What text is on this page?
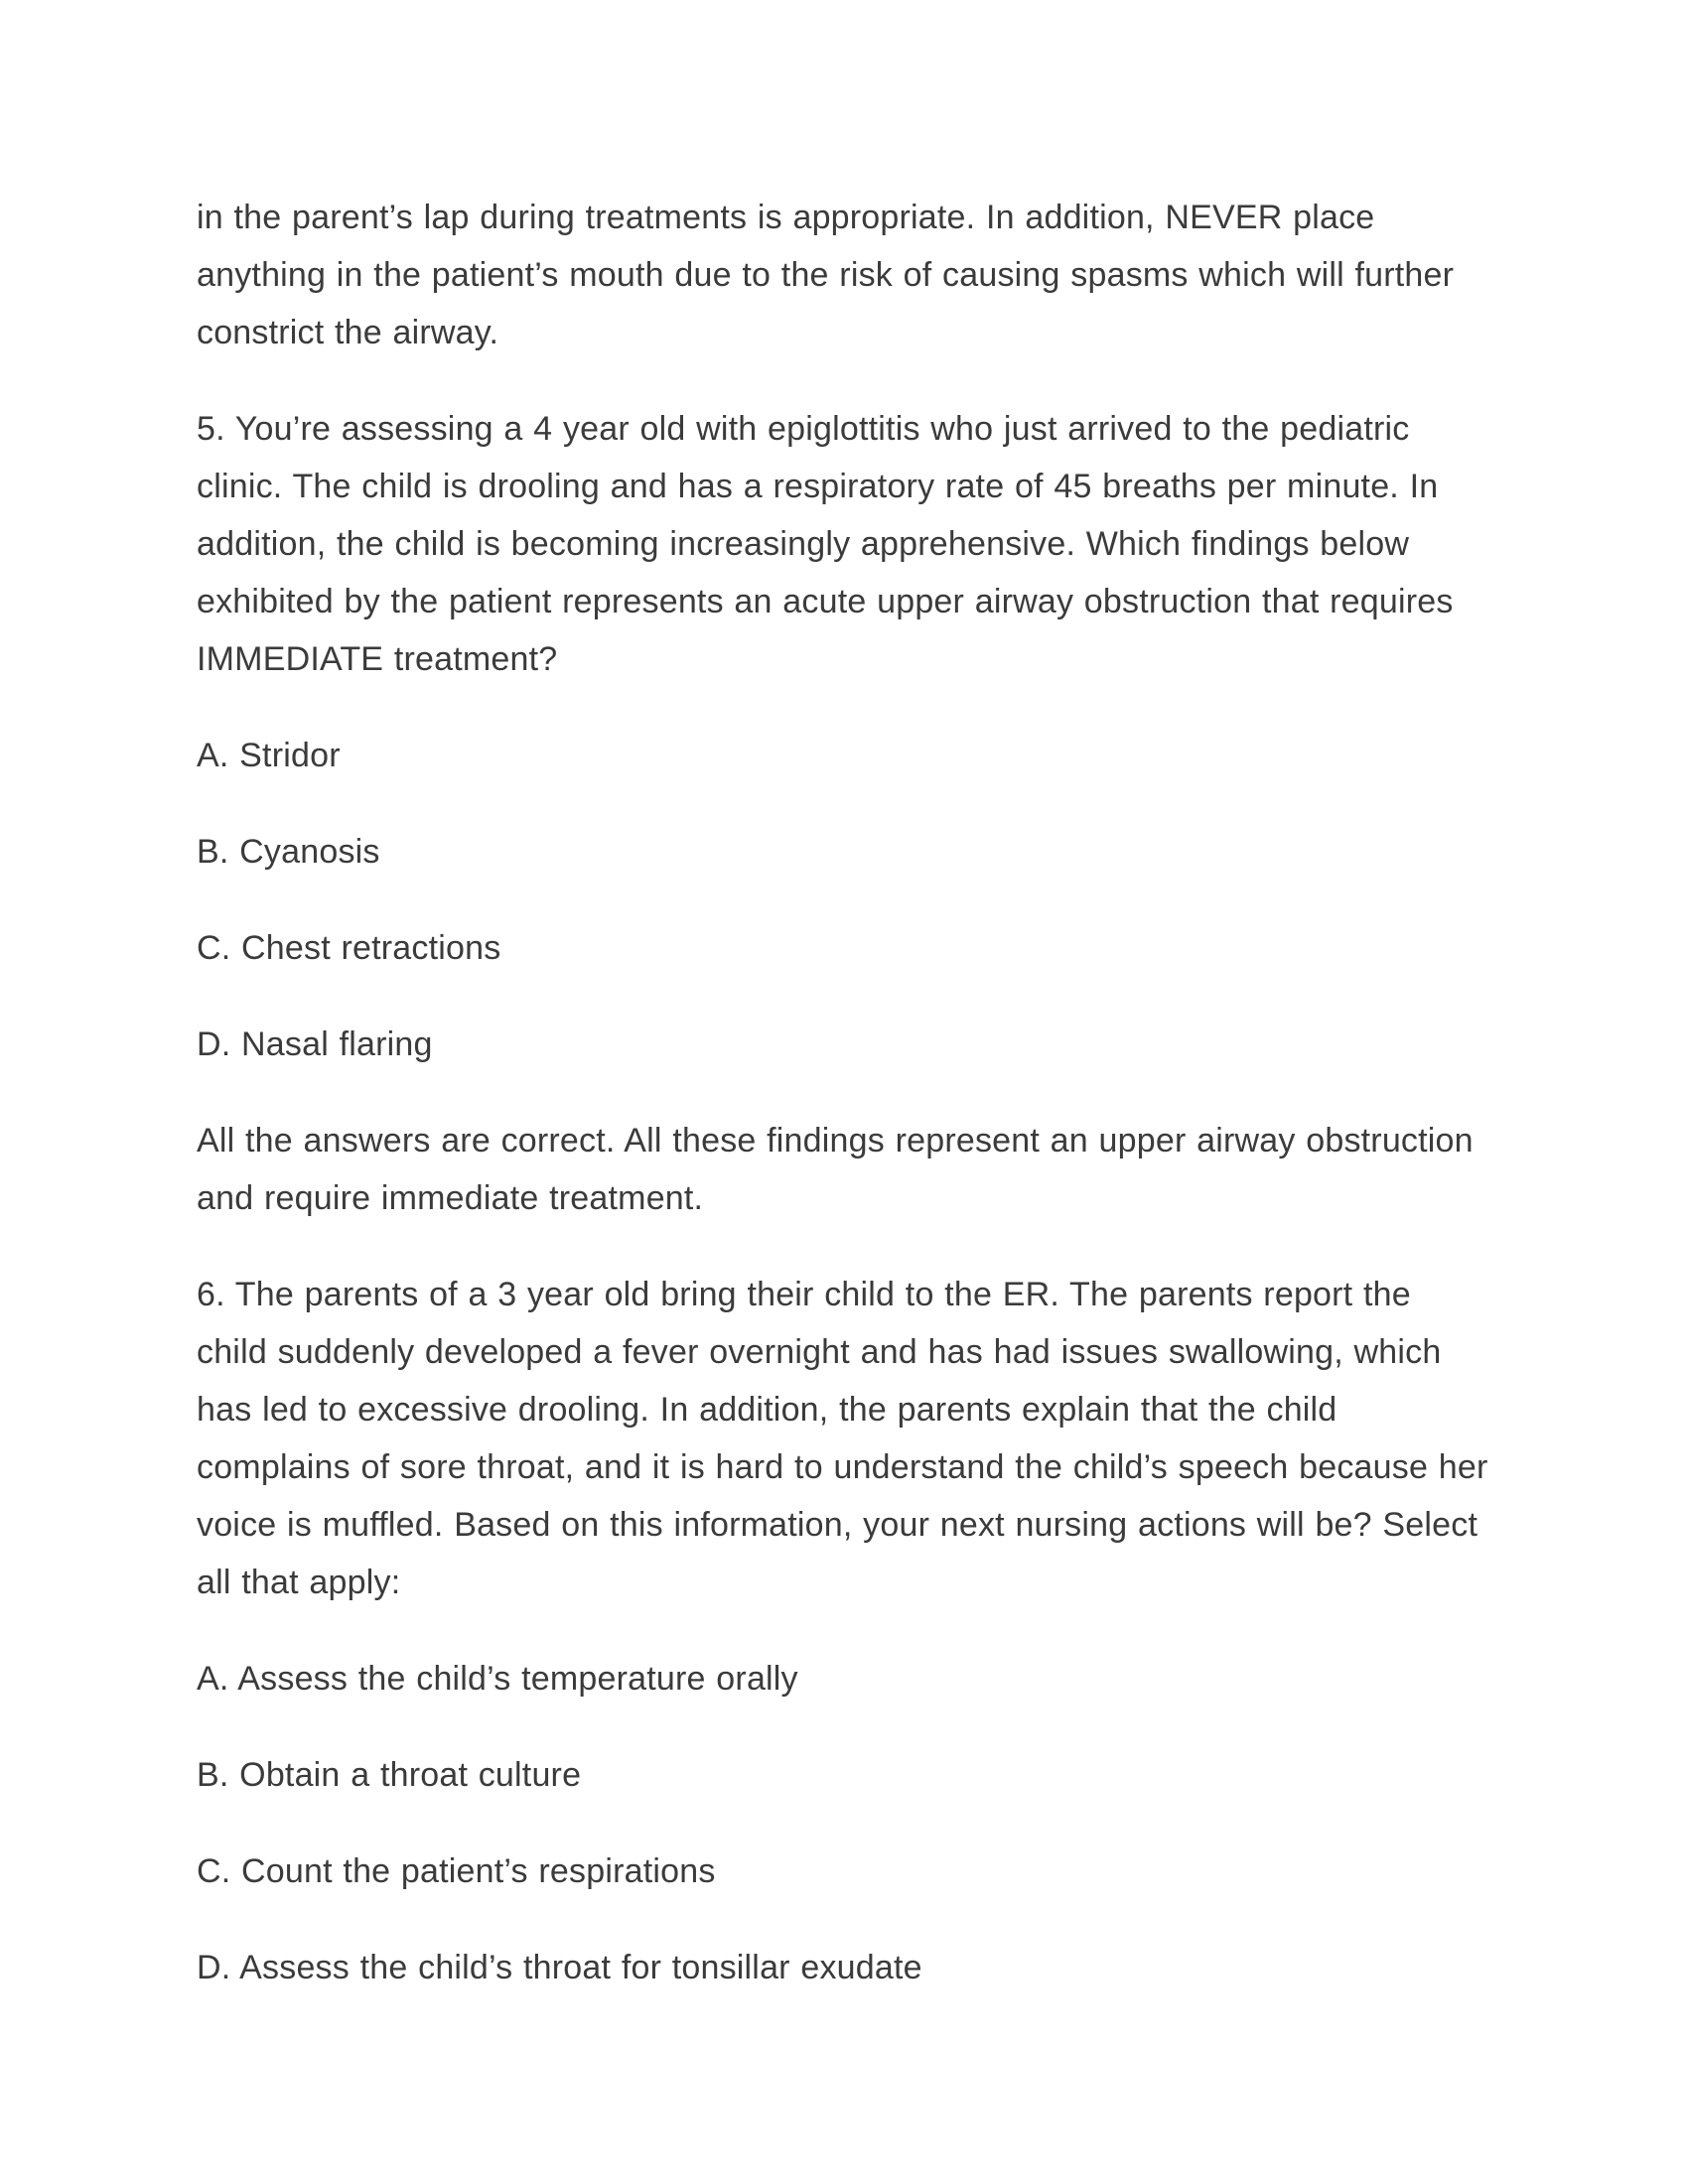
in the parent’s lap during treatments is appropriate. In addition, NEVER place anything in the patient’s mouth due to the risk of causing spasms which will further constrict the airway.

5. You’re assessing a 4 year old with epiglottitis who just arrived to the pediatric clinic. The child is drooling and has a respiratory rate of 45 breaths per minute. In addition, the child is becoming increasingly apprehensive. Which findings below exhibited by the patient represents an acute upper airway obstruction that requires IMMEDIATE treatment?

A. Stridor

B. Cyanosis

C. Chest retractions

D. Nasal flaring

All the answers are correct. All these findings represent an upper airway obstruction and require immediate treatment.

6. The parents of a 3 year old bring their child to the ER. The parents report the child suddenly developed a fever overnight and has had issues swallowing, which has led to excessive drooling. In addition, the parents explain that the child complains of sore throat, and it is hard to understand the child’s speech because her voice is muffled. Based on this information, your next nursing actions will be? Select all that apply:

A. Assess the child’s temperature orally

B. Obtain a throat culture

C. Count the patient’s respirations

D. Assess the child’s throat for tonsillar exudate
